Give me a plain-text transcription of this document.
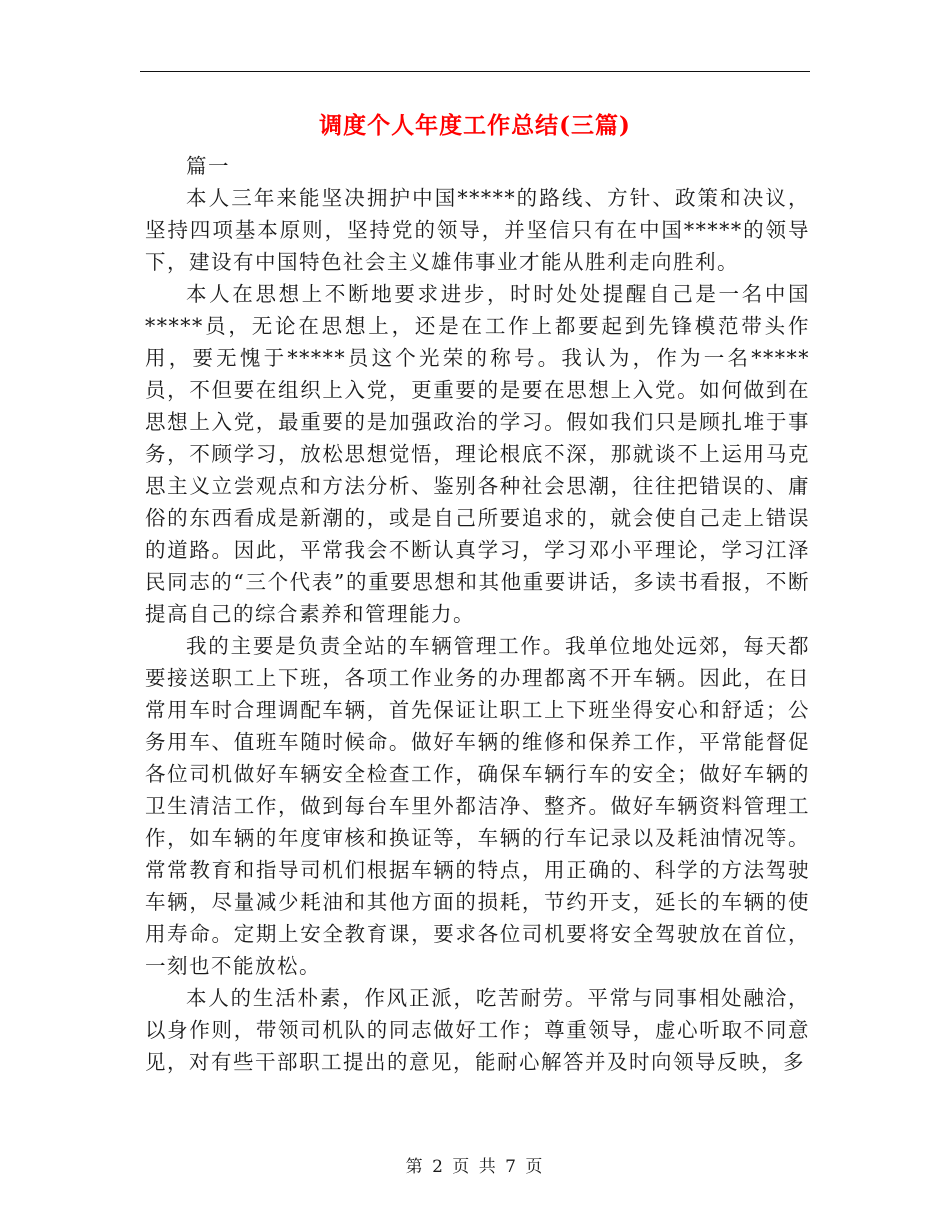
调度个人年度工作总结(三篇)

篇一

本人三年来能坚决拥护中国*****的路线、方针、政策和决议，坚持四项基本原则，坚持党的领导，并坚信只有在中国*****的领导下，建设有中国特色社会主义雄伟事业才能从胜利走向胜利。

本人在思想上不断地要求进步，时时处处提醒自己是一名中国*****员，无论在思想上，还是在工作上都要起到先锋模范带头作用，要无愧于*****员这个光荣的称号。我认为，作为一名*****员，不但要在组织上入党，更重要的是要在思想上入党。如何做到在思想上入党，最重要的是加强政治的学习。假如我们只是顾扎堆于事务，不顾学习，放松思想觉悟，理论根底不深，那就谈不上运用马克思主义立尝观点和方法分析、鉴别各种社会思潮，往往把错误的、庸俗的东西看成是新潮的，或是自己所要追求的，就会使自己走上错误的道路。因此，平常我会不断认真学习，学习邓小平理论，学习江泽民同志的“三个代表”的重要思想和其他重要讲话，多读书看报，不断提高自己的综合素养和管理能力。

我的主要是负责全站的车辆管理工作。我单位地处远郊，每天都要接送职工上下班，各项工作业务的办理都离不开车辆。因此，在日常用车时合理调配车辆，首先保证让职工上下班坐得安心和舒适；公务用车、值班车随时候命。做好车辆的维修和保养工作，平常能督促各位司机做好车辆安全检查工作，确保车辆行车的安全；做好车辆的卫生清洁工作，做到每台车里外都洁净、整齐。做好车辆资料管理工作，如车辆的年度审核和换证等，车辆的行车记录以及耗油情况等。常常教育和指导司机们根据车辆的特点，用正确的、科学的方法驾驶车辆，尽量减少耗油和其他方面的损耗，节约开支，延长的车辆的使用寿命。定期上安全教育课，要求各位司机要将安全驾驶放在首位，一刻也不能放松。

本人的生活朴素，作风正派，吃苦耐劳。平常与同事相处融洽，以身作则，带领司机队的同志做好工作；尊重领导，虚心听取不同意见，对有些干部职工提出的意见，能耐心解答并及时向领导反映，多

第 2 页 共 7 页
